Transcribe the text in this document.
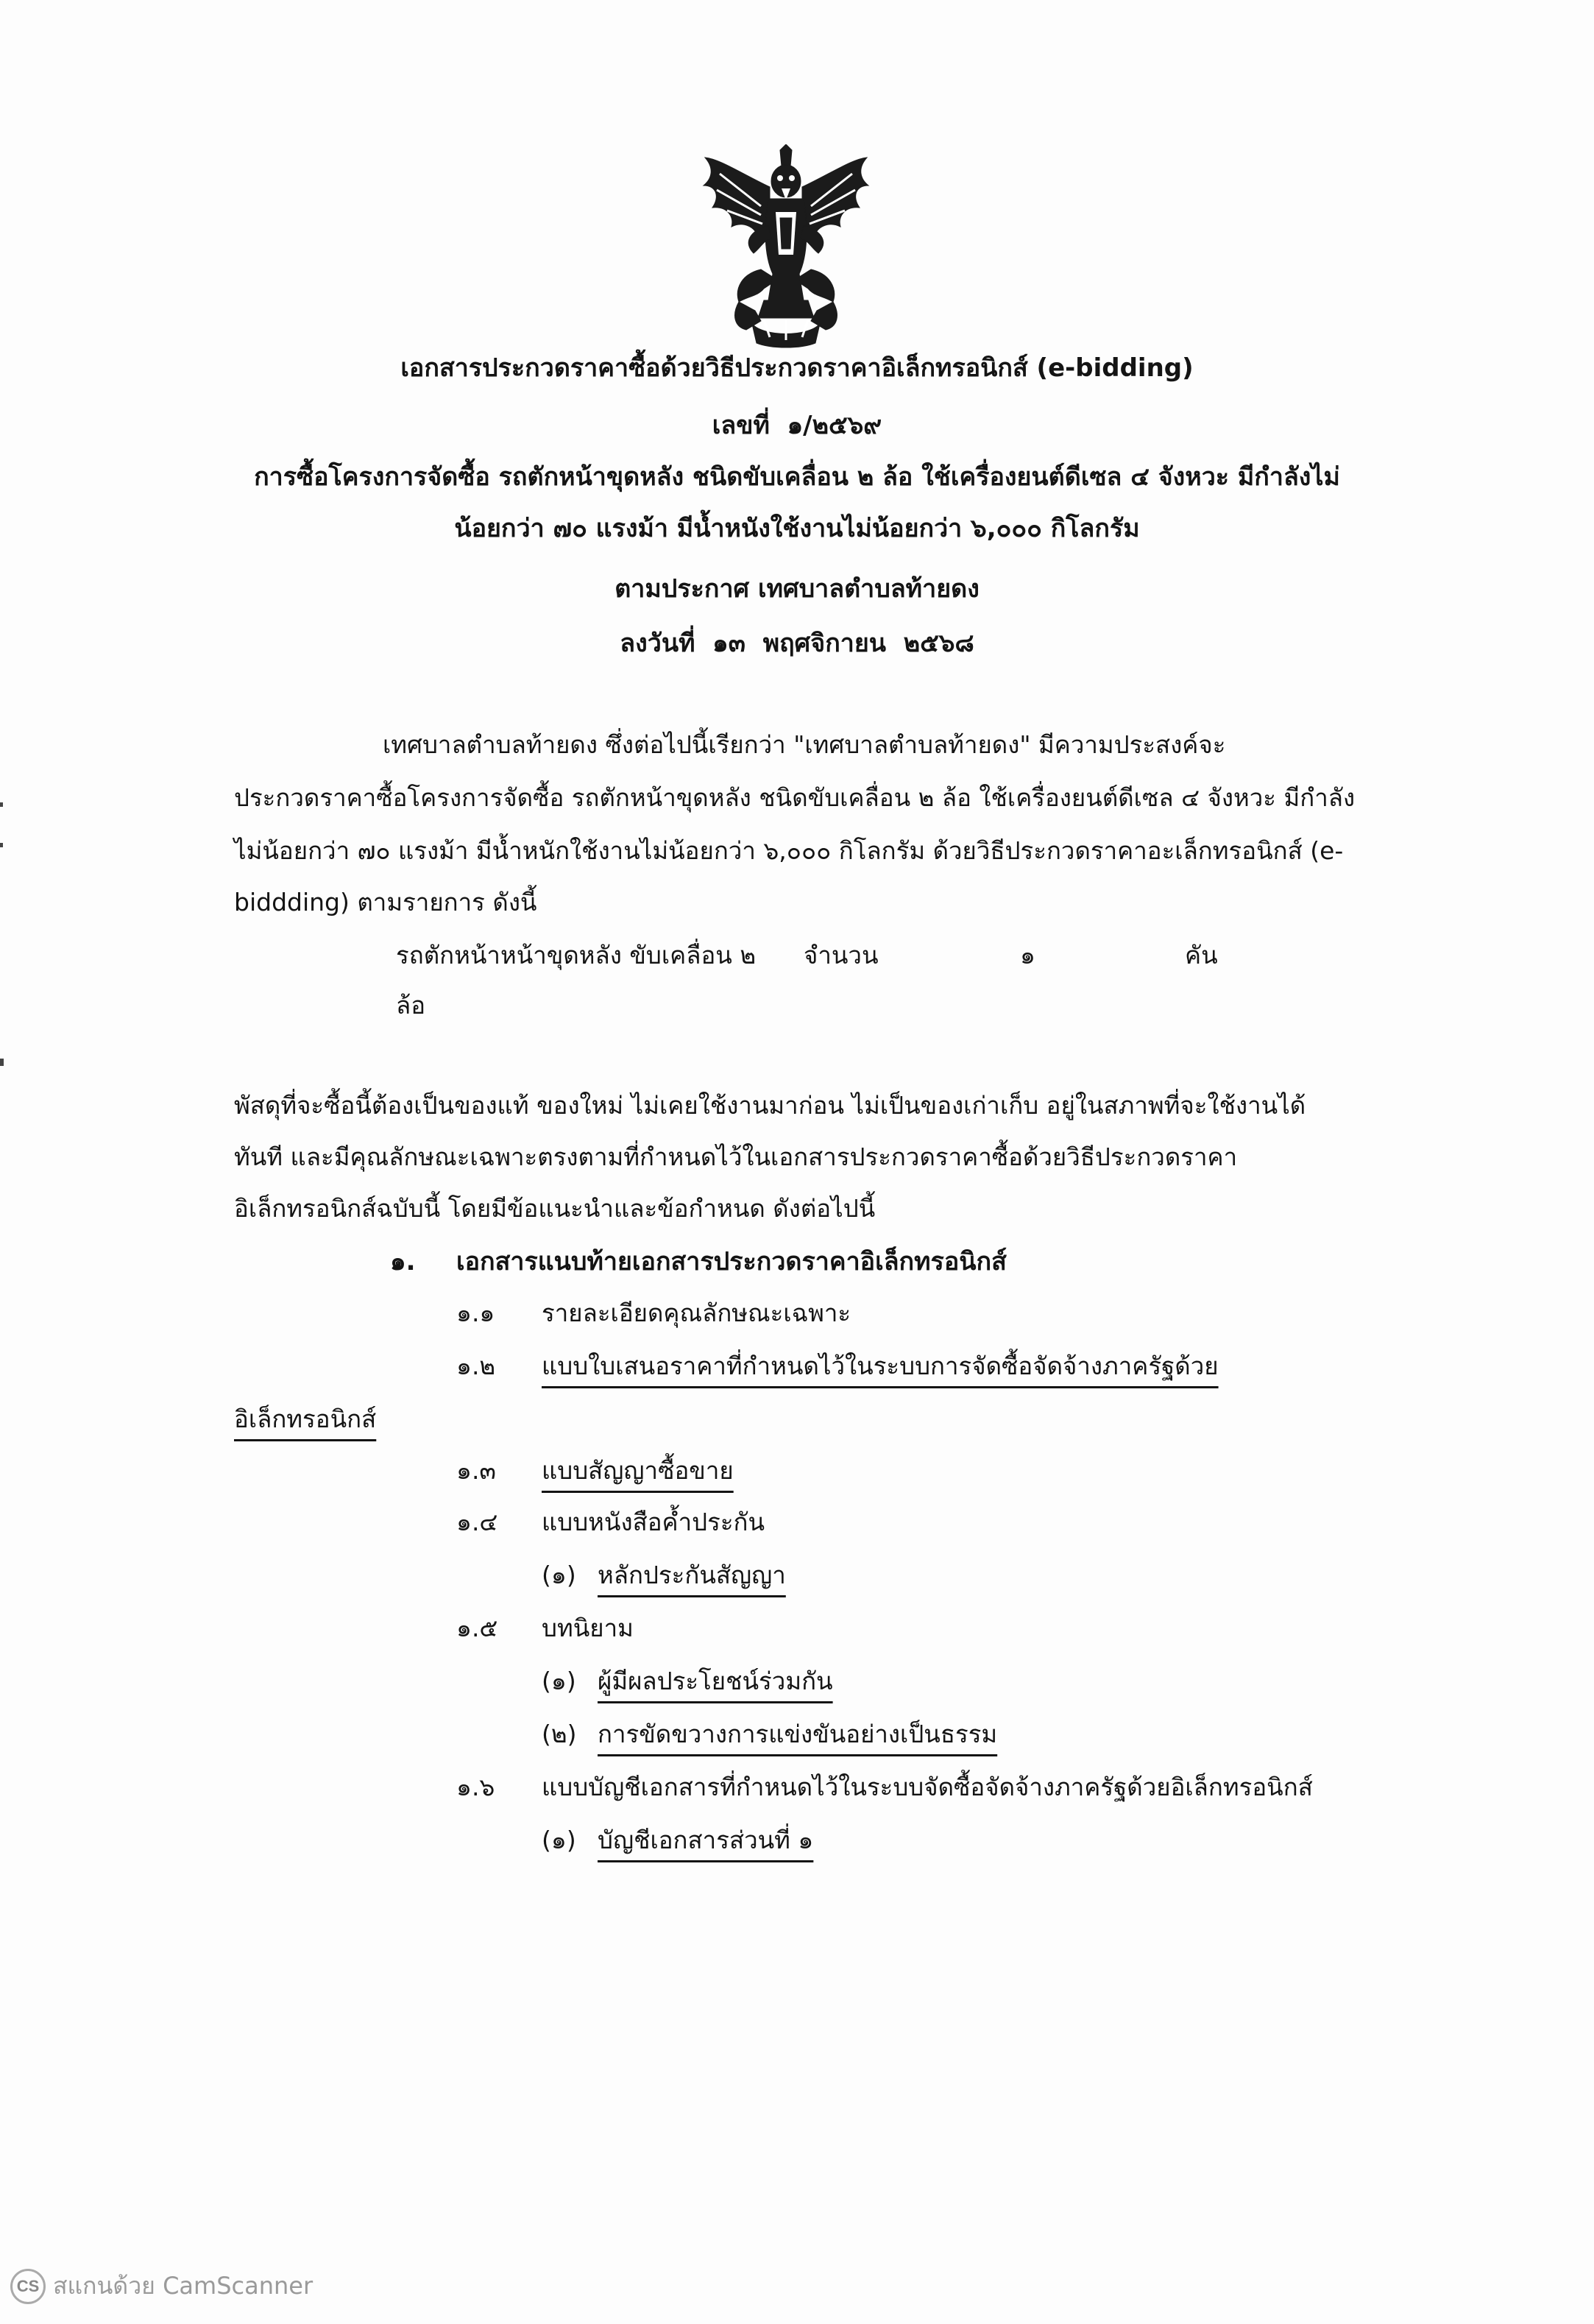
เอกสารประกวดราคาซื้อด้วยวิธีประกวดราคาอิเล็กทรอนิกส์ (e-bidding)
เลขที่ ๑/๒๕๖๙
การซื้อโครงการจัดซื้อ รถตักหน้าขุดหลัง ชนิดขับเคลื่อน ๒ ล้อ ใช้เครื่องยนต์ดีเซล ๔ จังหวะ มีกำลังไม่
น้อยกว่า ๗๐ แรงม้า มีน้ำหนังใช้งานไม่น้อยกว่า ๖,๐๐๐ กิโลกรัม
ตามประกาศ เทศบาลตำบลท้ายดง
ลงวันที่ ๑๓ พฤศจิกายน ๒๕๖๘
เทศบาลตำบลท้ายดง ซึ่งต่อไปนี้เรียกว่า "เทศบาลตำบลท้ายดง" มีความประสงค์จะ
ประกวดราคาซื้อโครงการจัดซื้อ รถตักหน้าขุดหลัง ชนิดขับเคลื่อน ๒ ล้อ ใช้เครื่องยนต์ดีเซล ๔ จังหวะ มีกำลัง
ไม่น้อยกว่า ๗๐ แรงม้า มีน้ำหนักใช้งานไม่น้อยกว่า ๖,๐๐๐ กิโลกรัม ด้วยวิธีประกวดราคาอะเล็กทรอนิกส์ (e-
biddding) ตามรายการ ดังนี้
รถตักหน้าหน้าขุดหลัง ขับเคลื่อน ๒ จำนวน	๑	คัน
ล้อ
พัสดุที่จะซื้อนี้ต้องเป็นของแท้ ของใหม่ ไม่เคยใช้งานมาก่อน ไม่เป็นของเก่าเก็บ อยู่ในสภาพที่จะใช้งานได้
ทันที และมีคุณลักษณะเฉพาะตรงตามที่กำหนดไว้ในเอกสารประกวดราคาซื้อด้วยวิธีประกวดราคา
อิเล็กทรอนิกส์ฉบับนี้ โดยมีข้อแนะนำและข้อกำหนด ดังต่อไปนี้
๑. เอกสารแนบท้ายเอกสารประกวดราคาอิเล็กทรอนิกส์
๑.๑ รายละเอียดคุณลักษณะเฉพาะ
๑.๒ แบบใบเสนอราคาที่กำหนดไว้ในระบบการจัดซื้อจัดจ้างภาครัฐด้วย
อิเล็กทรอนิกส์
๑.๓ แบบสัญญาซื้อขาย
๑.๔ แบบหนังสือค้ำประกัน
(๑) หลักประกันสัญญา
๑.๕ บทนิยาม
(๑) ผู้มีผลประโยชน์ร่วมกัน
(๒) การขัดขวางการแข่งขันอย่างเป็นธรรม
๑.๖ แบบบัญชีเอกสารที่กำหนดไว้ในระบบจัดซื้อจัดจ้างภาครัฐด้วยอิเล็กทรอนิกส์
(๑) บัญชีเอกสารส่วนที่ ๑
CS สแกนด้วย CamScanner
